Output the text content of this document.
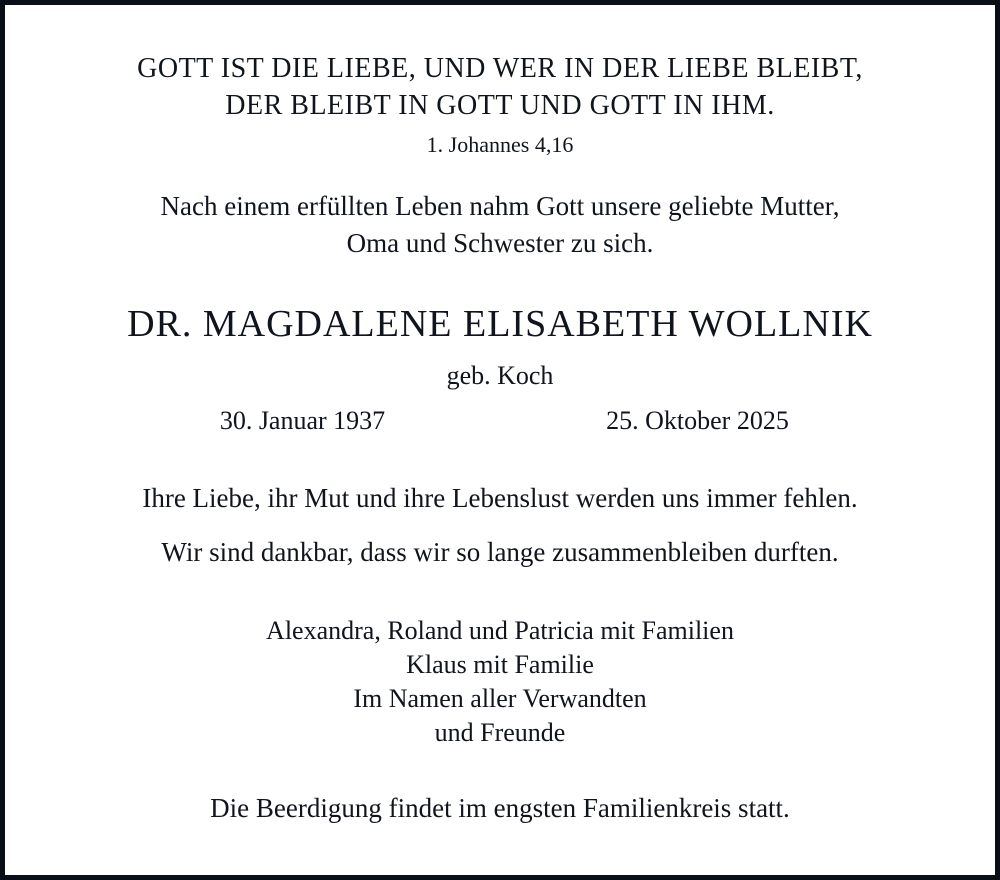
GOTT IST DIE LIEBE, UND WER IN DER LIEBE BLEIBT,
DER BLEIBT IN GOTT UND GOTT IN IHM.
1. Johannes 4,16
Nach einem erfüllten Leben nahm Gott unsere geliebte Mutter,
Oma und Schwester zu sich.
DR. MAGDALENE ELISABETH WOLLNIK
geb. Koch
30. Januar 1937	25. Oktober 2025
Ihre Liebe, ihr Mut und ihre Lebenslust werden uns immer fehlen.
Wir sind dankbar, dass wir so lange zusammenbleiben durften.
Alexandra, Roland und Patricia mit Familien
Klaus mit Familie
Im Namen aller Verwandten
und Freunde
Die Beerdigung findet im engsten Familienkreis statt.
